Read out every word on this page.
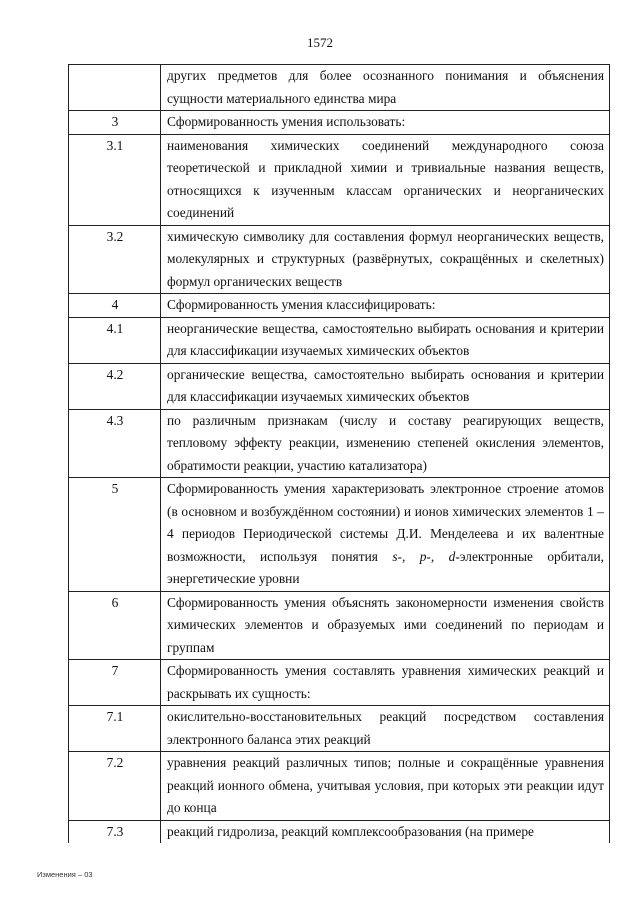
1572
	других предметов для более осознанного понимания и объяснения сущности материального единства мира
3	Сформированность умения использовать:
3.1	наименования химических соединений международного союза теоретической и прикладной химии и тривиальные названия веществ, относящихся к изученным классам органических и неорганических соединений
3.2	химическую символику для составления формул неорганических веществ, молекулярных и структурных (развёрнутых, сокращённых и скелетных) формул органических веществ
4	Сформированность умения классифицировать:
4.1	неорганические вещества, самостоятельно выбирать основания и критерии для классификации изучаемых химических объектов
4.2	органические вещества, самостоятельно выбирать основания и критерии для классификации изучаемых химических объектов
4.3	по различным признакам (числу и составу реагирующих веществ, тепловому эффекту реакции, изменению степеней окисления элементов, обратимости реакции, участию катализатора)
5	Сформированность умения характеризовать электронное строение атомов (в основном и возбуждённом состоянии) и ионов химических элементов 1 – 4 периодов Периодической системы Д.И. Менделеева и их валентные возможности, используя понятия s-, p-, d-электронные орбитали, энергетические уровни
6	Сформированность умения объяснять закономерности изменения свойств химических элементов и образуемых ими соединений по периодам и группам
7	Сформированность умения составлять уравнения химических реакций и раскрывать их сущность:
7.1	окислительно-восстановительных реакций посредством составления электронного баланса этих реакций
7.2	уравнения реакций различных типов; полные и сокращённые уравнения реакций ионного обмена, учитывая условия, при которых эти реакции идут до конца
7.3	реакций гидролиза, реакций комплексообразования (на примере
Изменения – 03
